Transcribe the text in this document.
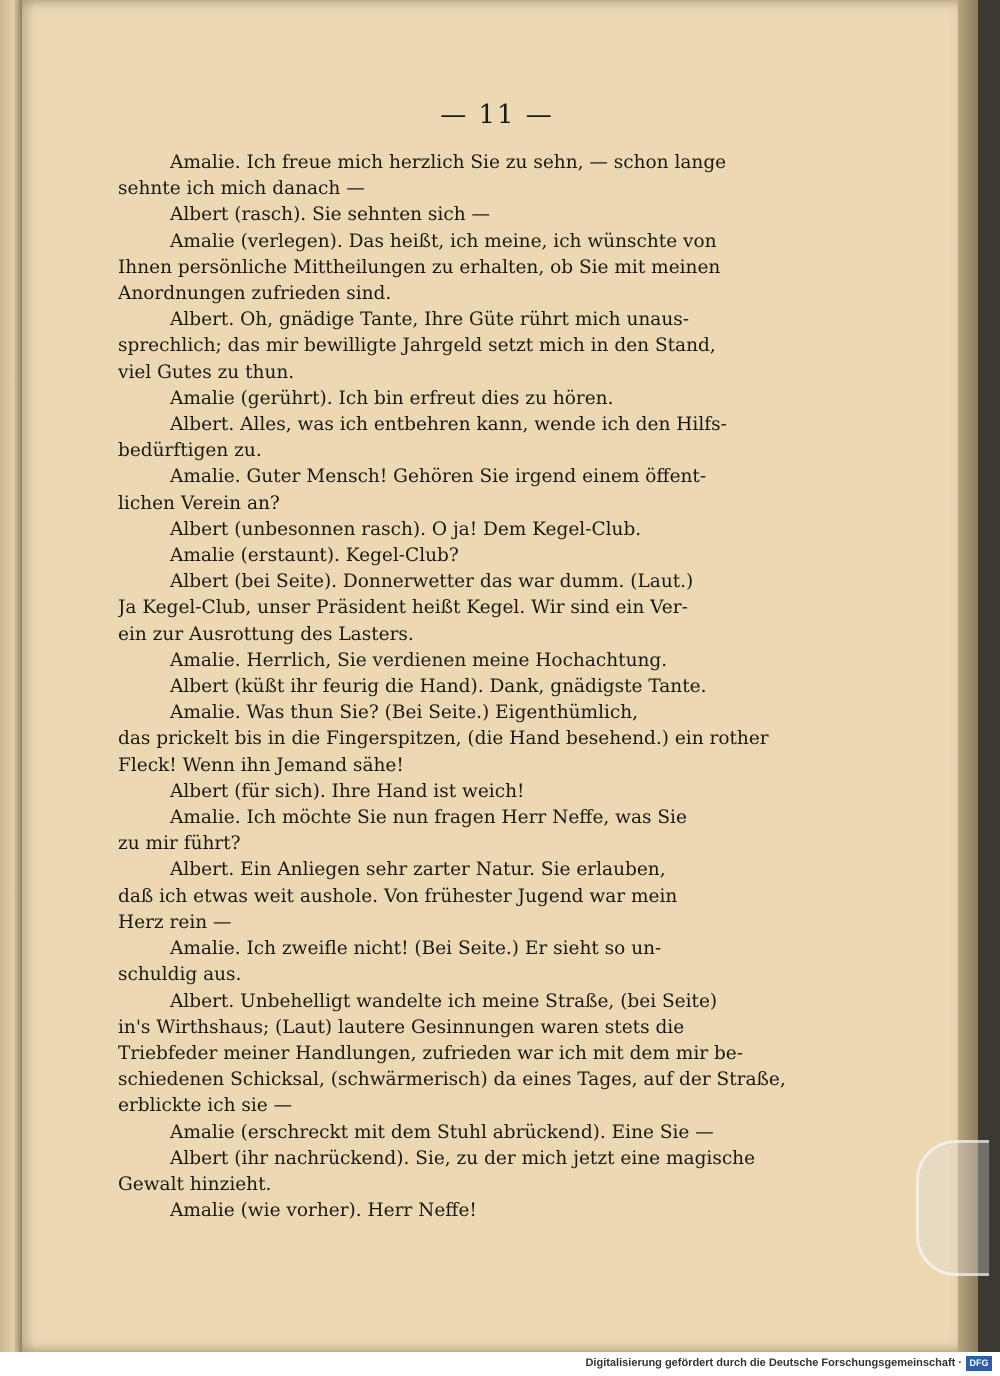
— 11 —
Amalie. Ich freue mich herzlich Sie zu sehn, — schon lange
sehnte ich mich danach —
Albert (rasch). Sie sehnten sich —
Amalie (verlegen). Das heißt, ich meine, ich wünschte von
Ihnen persönliche Mittheilungen zu erhalten, ob Sie mit meinen
Anordnungen zufrieden sind.
Albert. Oh, gnädige Tante, Ihre Güte rührt mich unaus-
sprechlich; das mir bewilligte Jahrgeld setzt mich in den Stand,
viel Gutes zu thun.
Amalie (gerührt). Ich bin erfreut dies zu hören.
Albert. Alles, was ich entbehren kann, wende ich den Hilfs-
bedürftigen zu.
Amalie. Guter Mensch! Gehören Sie irgend einem öffent-
lichen Verein an?
Albert (unbesonnen rasch). O ja! Dem Kegel-Club.
Amalie (erstaunt). Kegel-Club?
Albert (bei Seite). Donnerwetter das war dumm. (Laut.)
Ja Kegel-Club, unser Präsident heißt Kegel. Wir sind ein Ver-
ein zur Ausrottung des Lasters.
Amalie. Herrlich, Sie verdienen meine Hochachtung.
Albert (küßt ihr feurig die Hand). Dank, gnädigste Tante.
Amalie. Was thun Sie? (Bei Seite.) Eigenthümlich,
das prickelt bis in die Fingerspitzen, (die Hand besehend.) ein rother
Fleck! Wenn ihn Jemand sähe!
Albert (für sich). Ihre Hand ist weich!
Amalie. Ich möchte Sie nun fragen Herr Neffe, was Sie
zu mir führt?
Albert. Ein Anliegen sehr zarter Natur. Sie erlauben,
daß ich etwas weit aushole. Von frühester Jugend war mein
Herz rein —
Amalie. Ich zweifle nicht! (Bei Seite.) Er sieht so un-
schuldig aus.
Albert. Unbehelligt wandelte ich meine Straße, (bei Seite)
in's Wirthshaus; (Laut) lautere Gesinnungen waren stets die
Triebfeder meiner Handlungen, zufrieden war ich mit dem mir be-
schiedenen Schicksal, (schwärmerisch) da eines Tages, auf der Straße,
erblickte ich sie —
Amalie (erschreckt mit dem Stuhl abrückend). Eine Sie —
Albert (ihr nachrückend). Sie, zu der mich jetzt eine magische
Gewalt hinzieht.
Amalie (wie vorher). Herr Neffe!
Digitalisierung gefördert durch die Deutsche Forschungsgemeinschaft · DFG
